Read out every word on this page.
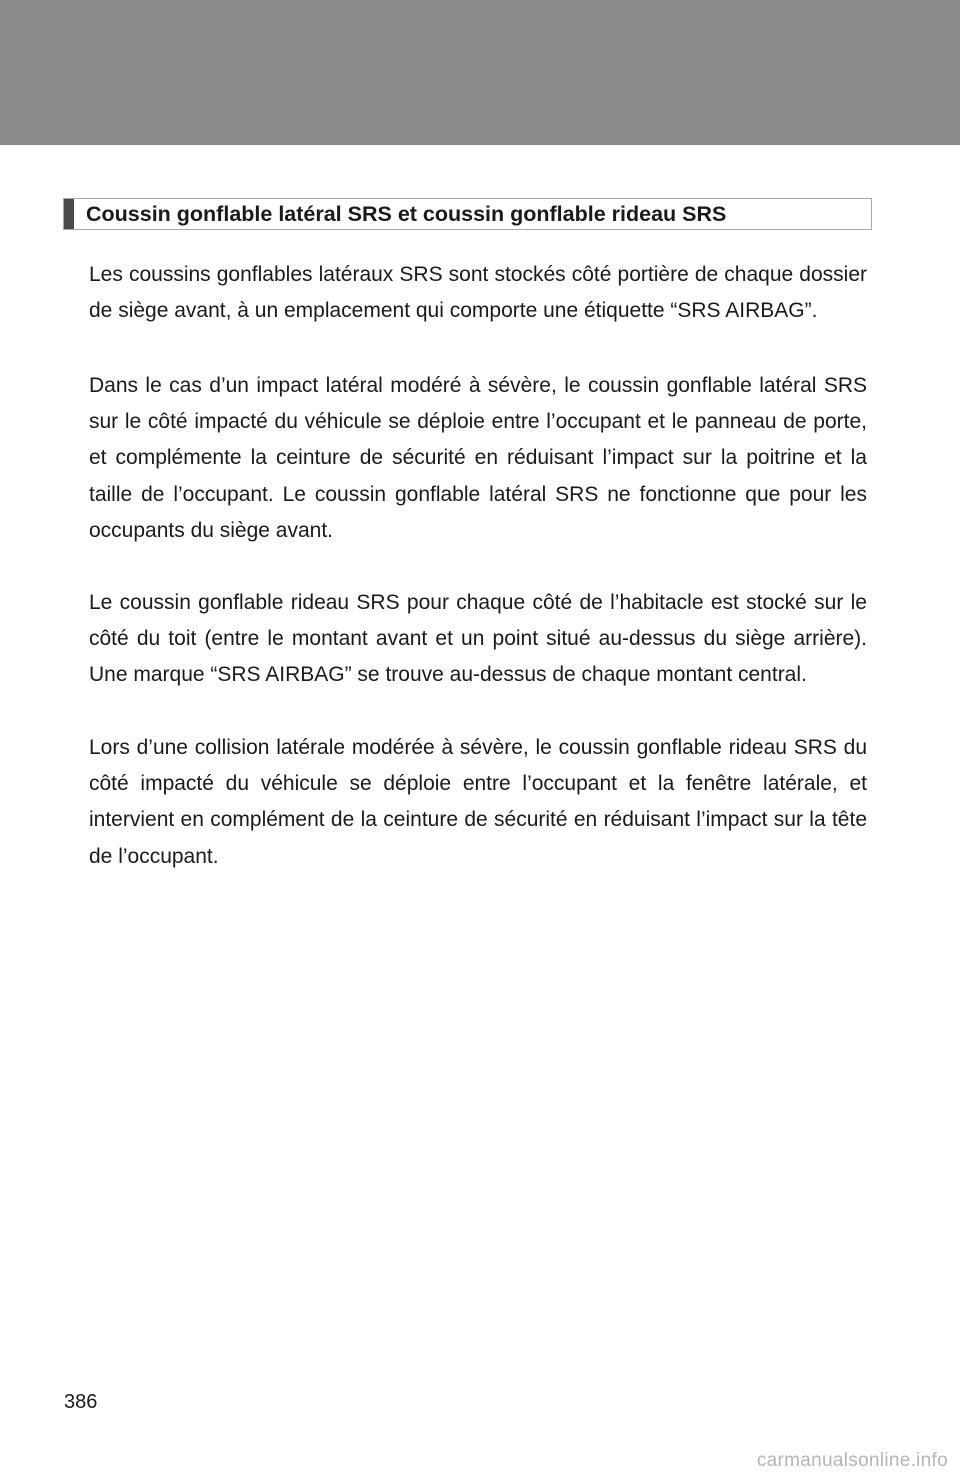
Coussin gonflable latéral SRS et coussin gonflable rideau SRS

Les coussins gonflables latéraux SRS sont stockés côté portière de chaque dossier de siège avant, à un emplacement qui comporte une étiquette “SRS AIRBAG”.

Dans le cas d’un impact latéral modéré à sévère, le coussin gonflable latéral SRS sur le côté impacté du véhicule se déploie entre l’occupant et le panneau de porte, et complémente la ceinture de sécurité en réduisant l’impact sur la poitrine et la taille de l’occupant. Le coussin gonflable latéral SRS ne fonctionne que pour les occupants du siège avant.

Le coussin gonflable rideau SRS pour chaque côté de l’habitacle est stocké sur le côté du toit (entre le montant avant et un point situé au-dessus du siège arrière). Une marque “SRS AIRBAG” se trouve au-dessus de chaque montant central.

Lors d’une collision latérale modérée à sévère, le coussin gonflable rideau SRS du côté impacté du véhicule se déploie entre l’occupant et la fenêtre latérale, et intervient en complément de la ceinture de sécurité en réduisant l’impact sur la tête de l’occupant.

386
carmanualsonline.info
